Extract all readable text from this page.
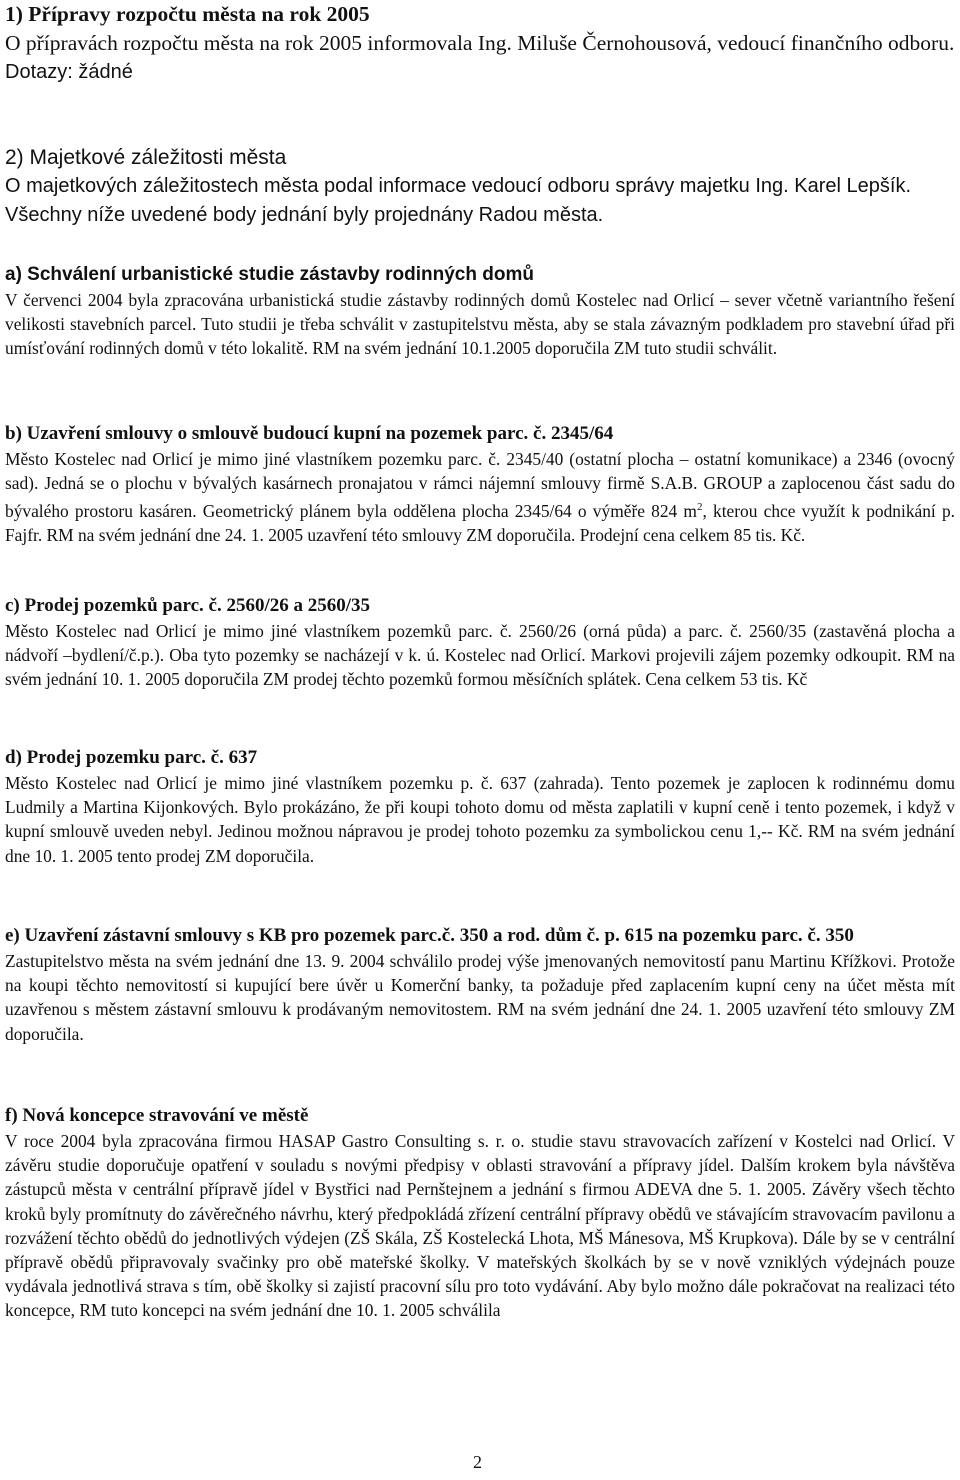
1) Přípravy rozpočtu města na rok 2005

O přípravách rozpočtu města na rok 2005 informovala Ing. Miluše Černohousová, vedoucí finančního odboru.

Dotazy: žádné

2) Majetkové záležitosti města

O majetkových záležitostech města podal informace vedoucí odboru správy majetku Ing. Karel Lepšík. Všechny níže uvedené body jednání byly projednány Radou města.

a) Schválení urbanistické studie zástavby rodinných domů

V červenci 2004 byla zpracována urbanistická studie zástavby rodinných domů Kostelec nad Orlicí – sever včetně variantního řešení velikosti stavebních parcel. Tuto studii je třeba schválit v zastupitelstvu města, aby se stala závazným podkladem pro stavební úřad při umísťování rodinných domů v této lokalitě. RM na svém jednání 10.1.2005 doporučila ZM tuto studii schválit.

b) Uzavření smlouvy o smlouvě budoucí kupní na pozemek parc. č. 2345/64

Město Kostelec nad Orlicí je mimo jiné vlastníkem pozemku parc. č. 2345/40 (ostatní plocha – ostatní komunikace) a 2346 (ovocný sad). Jedná se o plochu v bývalých kasárnech pronajatou v rámci nájemní smlouvy firmě S.A.B. GROUP a zaplocenou část sadu do bývalého prostoru kasáren. Geometrický plánem byla oddělena plocha 2345/64 o výměře 824 $m^2$, kterou chce využít k podnikání p. Fajfr. RM na svém jednání dne 24. 1. 2005 uzavření této smlouvy ZM doporučila. Prodejní cena celkem 85 tis. Kč.

c) Prodej pozemků parc. č. 2560/26 a 2560/35

Město Kostelec nad Orlicí je mimo jiné vlastníkem pozemků parc. č. 2560/26 (orná půda) a parc. č. 2560/35 (zastavěná plocha a nádvoří –bydlení/č.p.). Oba tyto pozemky se nacházejí v k. ú. Kostelec nad Orlicí. Markovi projevili zájem pozemky odkoupit. RM na svém jednání 10. 1. 2005 doporučila ZM prodej těchto pozemků formou měsíčních splátek. Cena celkem 53 tis. Kč

d) Prodej pozemku parc. č. 637

Město Kostelec nad Orlicí je mimo jiné vlastníkem pozemku p. č. 637 (zahrada). Tento pozemek je zaplocen k rodinnému domu Ludmily a Martina Kijonkových. Bylo prokázáno, že při koupi tohoto domu od města zaplatili v kupní ceně i tento pozemek, i když v kupní smlouvě uveden nebyl. Jedinou možnou nápravou je prodej tohoto pozemku za symbolickou cenu 1,-- Kč. RM na svém jednání dne 10. 1. 2005 tento prodej ZM doporučila.

e) Uzavření zástavní smlouvy s KB pro pozemek parc.č. 350 a rod. dům č. p. 615 na pozemku parc. č. 350

Zastupitelstvo města na svém jednání dne 13. 9. 2004 schválilo prodej výše jmenovaných nemovitostí panu Martinu Křížkovi. Protože na koupi těchto nemovitostí si kupující bere úvěr u Komerční banky, ta požaduje před zaplacením kupní ceny na účet města mít uzavřenou s městem zástavní smlouvu k prodávaným nemovitostem. RM na svém jednání dne 24. 1. 2005 uzavření této smlouvy ZM doporučila.

f) Nová koncepce stravování ve městě

V roce 2004 byla zpracována firmou HASAP Gastro Consulting s. r. o. studie stavu stravovacích zařízení v Kostelci nad Orlicí. V závěru studie doporučuje opatření v souladu s novými předpisy v oblasti stravování a přípravy jídel. Dalším krokem byla návštěva zástupců města v centrální přípravě jídel v Bystřici nad Pernštejnem a jednání s firmou ADEVA dne 5. 1. 2005. Závěry všech těchto kroků byly promítnuty do závěrečného návrhu, který předpokládá zřízení centrální přípravy obědů ve stávajícím stravovacím pavilonu a rozvážení těchto obědů do jednotlivých výdejen (ZŠ Skála, ZŠ Kostelecká Lhota, MŠ Mánesova, MŠ Krupkova). Dále by se v centrální přípravě obědů připravovaly svačinky pro obě mateřské školky. V mateřských školkách by se v nově vzniklých výdejnách pouze vydávala jednotlivá strava s tím, obě školky si zajistí pracovní sílu pro toto vydávání. Aby bylo možno dále pokračovat na realizaci této koncepce, RM tuto koncepci na svém jednání dne 10. 1. 2005 schválila

2
